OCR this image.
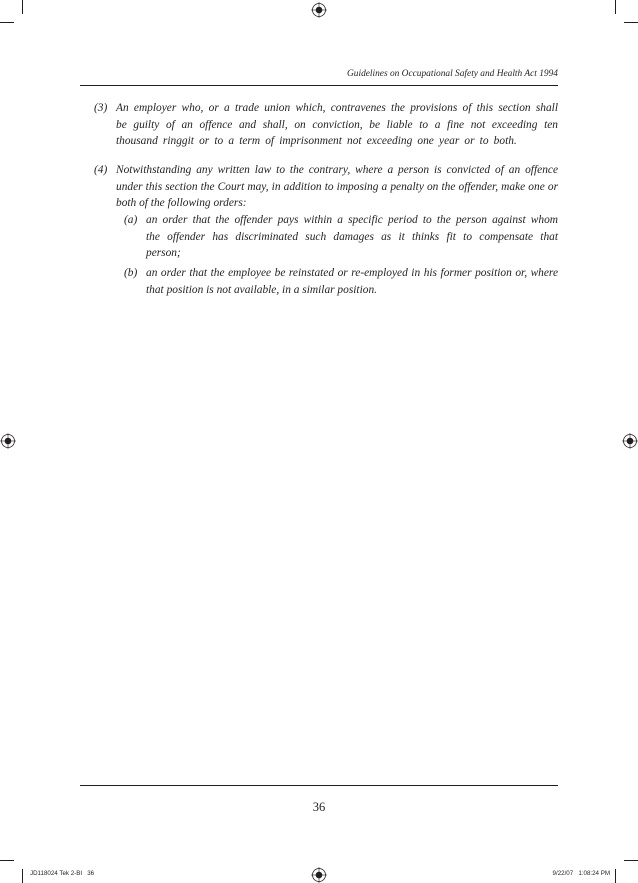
Guidelines on Occupational Safety and Health Act 1994
(3) An employer who, or a trade union which, contravenes the provisions of this section shall be guilty of an offence and shall, on conviction, be liable to a fine not exceeding ten thousand ringgit or to a term of imprisonment not exceeding one year or to both.
(4) Notwithstanding any written law to the contrary, where a person is convicted of an offence under this section the Court may, in addition to imposing a penalty on the offender, make one or both of the following orders:
(a) an order that the offender pays within a specific period to the person against whom the offender has discriminated such damages as it thinks fit to compensate that person;
(b) an order that the employee be reinstated or re-employed in his former position or, where that position is not available, in a similar position.
36
JD118024 Tek 2-BI   36	9/22/07   1:08:24 PM
